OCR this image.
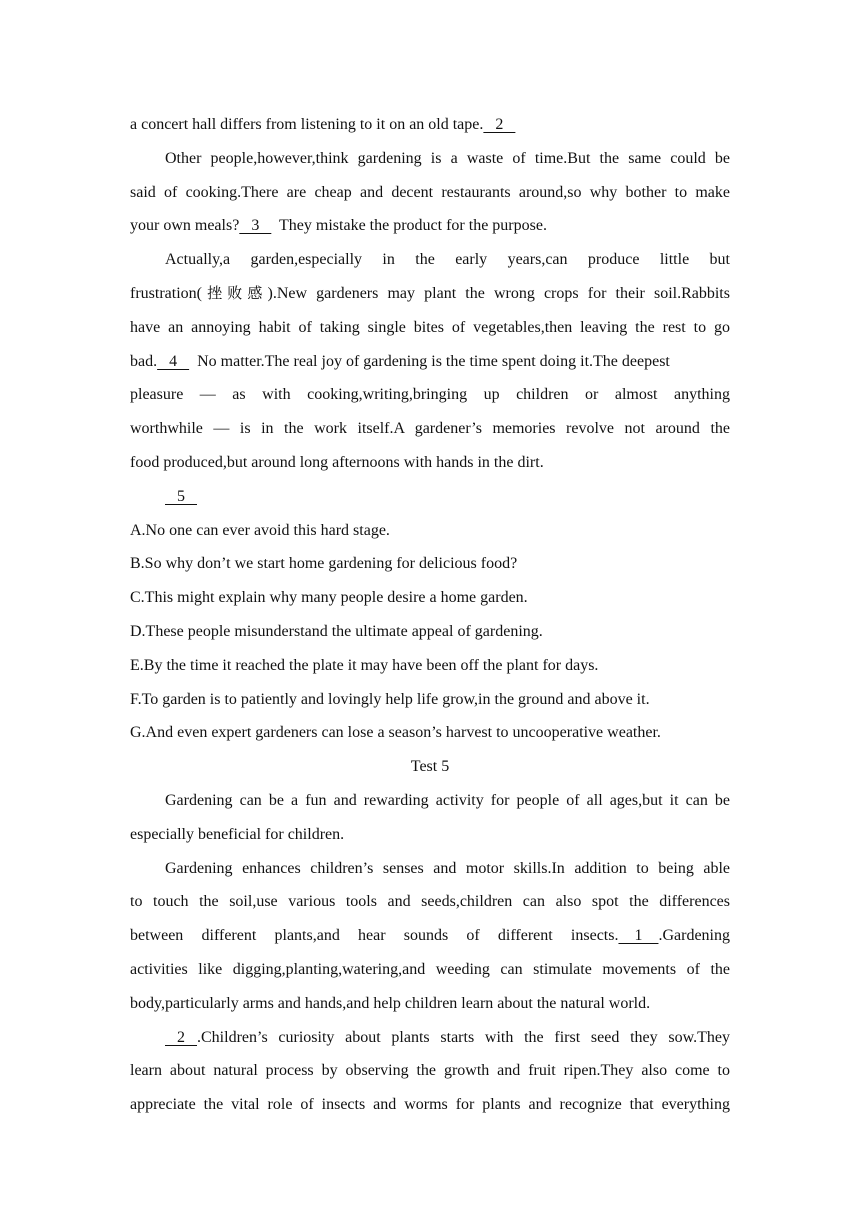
a concert hall differs from listening to it on an old tape.   2
Other people,however,think gardening is a waste of time.But the same could be
said of cooking.There are cheap and decent restaurants around,so why bother to make
your own meals?   3     They mistake the product for the purpose.
Actually,a garden,especially in the early years,can produce little but
frustration(挫败感).New gardeners may plant the wrong crops for their soil.Rabbits
have an annoying habit of taking single bites of vegetables,then leaving the rest to go
bad.   4     No matter.The real joy of gardening is the time spent doing it.The deepest
pleasure — as with cooking,writing,bringing up children or almost anything
worthwhile — is in the work itself.A gardener’s memories revolve not around the
food produced,but around long afternoons with hands in the dirt.
5
A.No one can ever avoid this hard stage.
B.So why don’t we start home gardening for delicious food?
C.This might explain why many people desire a home garden.
D.These people misunderstand the ultimate appeal of gardening.
E.By the time it reached the plate it may have been off the plant for days.
F.To garden is to patiently and lovingly help life grow,in the ground and above it.
G.And even expert gardeners can lose a season’s harvest to uncooperative weather.
Test 5
Gardening can be a fun and rewarding activity for people of all ages,but it can be
especially beneficial for children.
Gardening enhances children’s senses and motor skills.In addition to being able
to touch the soil,use various tools and seeds,children can also spot the differences
between different plants,and hear sounds of different insects.    1    .Gardening
activities like digging,planting,watering,and weeding can stimulate movements of the
body,particularly arms and hands,and help children learn about the natural world.
2   .Children’s curiosity about plants starts with the first seed they sow.They
learn about natural process by observing the growth and fruit ripen.They also come to
appreciate the vital role of insects and worms for plants and recognize that everything
